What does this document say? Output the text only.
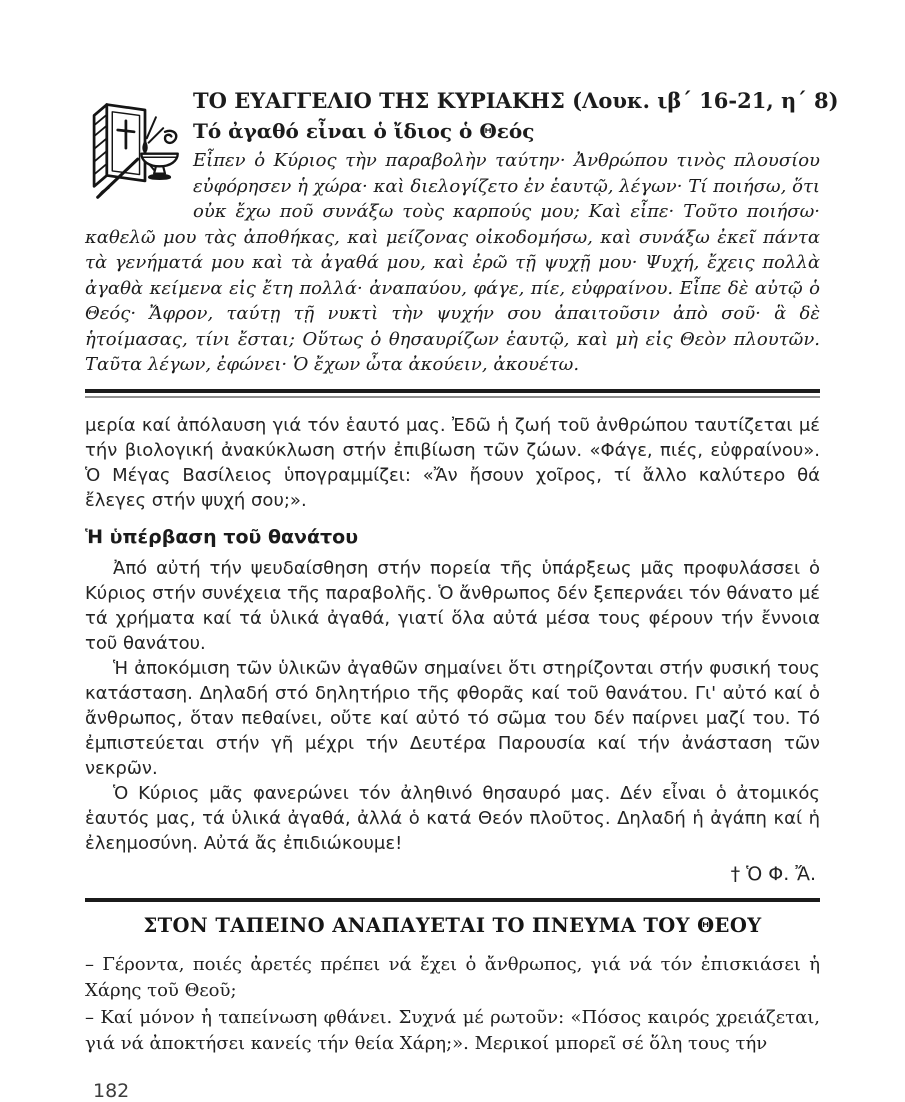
ΤΟ ΕΥΑΓΓΕΛΙΟ ΤΗΣ ΚΥΡΙΑΚΗΣ (Λουκ. ιβ´ 16-21, η´ 8)
Τό ἀγαθό εἶναι ὁ ἴδιος ὁ Θεός

Εἶπεν ὁ Κύριος τὴν παραβολὴν ταύτην· Ἀνθρώπου τινὸς πλουσίου εὐφόρησεν ἡ χώρα· καὶ διελογίζετο ἐν ἑαυτῷ, λέγων· Τί ποιήσω, ὅτι οὐκ ἔχω ποῦ συνάξω τοὺς καρπούς μου; Καὶ εἶπε· Τοῦτο ποιήσω· καθελῶ μου τὰς ἀποθήκας, καὶ μείζονας οἰκοδομήσω, καὶ συνάξω ἐκεῖ πάντα τὰ γενήματά μου καὶ τὰ ἀγαθά μου, καὶ ἐρῶ τῇ ψυχῇ μου· Ψυχή, ἔχεις πολλὰ ἀγαθὰ κείμενα εἰς ἔτη πολλά· ἀναπαύου, φάγε, πίε, εὐφραίνου. Εἶπε δὲ αὐτῷ ὁ Θεός· Ἄφρον, ταύτῃ τῇ νυκτὶ τὴν ψυχήν σου ἀπαιτοῦσιν ἀπὸ σοῦ· ἃ δὲ ἡτοίμασας, τίνι ἔσται; Οὕτως ὁ θησαυρίζων ἑαυτῷ, καὶ μὴ εἰς Θεὸν πλουτῶν. Ταῦτα λέγων, ἐφώνει· Ὁ ἔχων ὦτα ἀκούειν, ἀκουέτω.

μερία καί ἀπόλαυση γιά τόν ἑαυτό μας. Ἐδῶ ἡ ζωή τοῦ ἀνθρώπου ταυτίζεται μέ τήν βιολογική ἀνακύκλωση στήν ἐπιβίωση τῶν ζώων. «Φάγε, πιές, εὐφραίνου». Ὁ Μέγας Βασίλειος ὑπογραμμίζει: «Ἄν ἤσουν χοῖρος, τί ἄλλο καλύτερο θά ἔλεγες στήν ψυχή σου;».

Ἡ ὑπέρβαση τοῦ θανάτου

Ἀπό αὐτή τήν ψευδαίσθηση στήν πορεία τῆς ὑπάρξεως μᾶς προφυλάσσει ὁ Κύριος στήν συνέχεια τῆς παραβολῆς. Ὁ ἄνθρωπος δέν ξεπερνάει τόν θάνατο μέ τά χρήματα καί τά ὑλικά ἀγαθά, γιατί ὅλα αὐτά μέσα τους φέρουν τήν ἔννοια τοῦ θανάτου.

Ἡ ἀποκόμιση τῶν ὑλικῶν ἀγαθῶν σημαίνει ὅτι στηρίζονται στήν φυσική τους κατάσταση. Δηλαδή στό δηλητήριο τῆς φθορᾶς καί τοῦ θανάτου. Γι' αὐτό καί ὁ ἄνθρωπος, ὅταν πεθαίνει, οὔτε καί αὐτό τό σῶμα του δέν παίρνει μαζί του. Τό ἐμπιστεύεται στήν γῆ μέχρι τήν Δευτέρα Παρουσία καί τήν ἀνάσταση τῶν νεκρῶν.

Ὁ Κύριος μᾶς φανερώνει τόν ἀληθινό θησαυρό μας. Δέν εἶναι ὁ ἀτομικός ἑαυτός μας, τά ὑλικά ἀγαθά, ἀλλά ὁ κατά Θεόν πλοῦτος. Δηλαδή ἡ ἀγάπη καί ἡ ἐλεημοσύνη. Αὐτά ἄς ἐπιδιώκουμε!

† Ὁ Φ. Ἄ.

ΣΤΟΝ ΤΑΠΕΙΝΟ ΑΝΑΠΑΥΕΤΑΙ ΤΟ ΠΝΕΥΜΑ ΤΟΥ ΘΕΟΥ

– Γέροντα, ποιές ἀρετές πρέπει νά ἔχει ὁ ἄνθρωπος, γιά νά τόν ἐπισκιάσει ἡ Χάρης τοῦ Θεοῦ;

– Καί μόνον ἡ ταπείνωση φθάνει. Συχνά μέ ρωτοῦν: «Πόσος καιρός χρειάζεται, γιά νά ἀποκτήσει κανείς τήν θεία Χάρη;». Μερικοί μπορεῖ σέ ὅλη τους τήν

182
